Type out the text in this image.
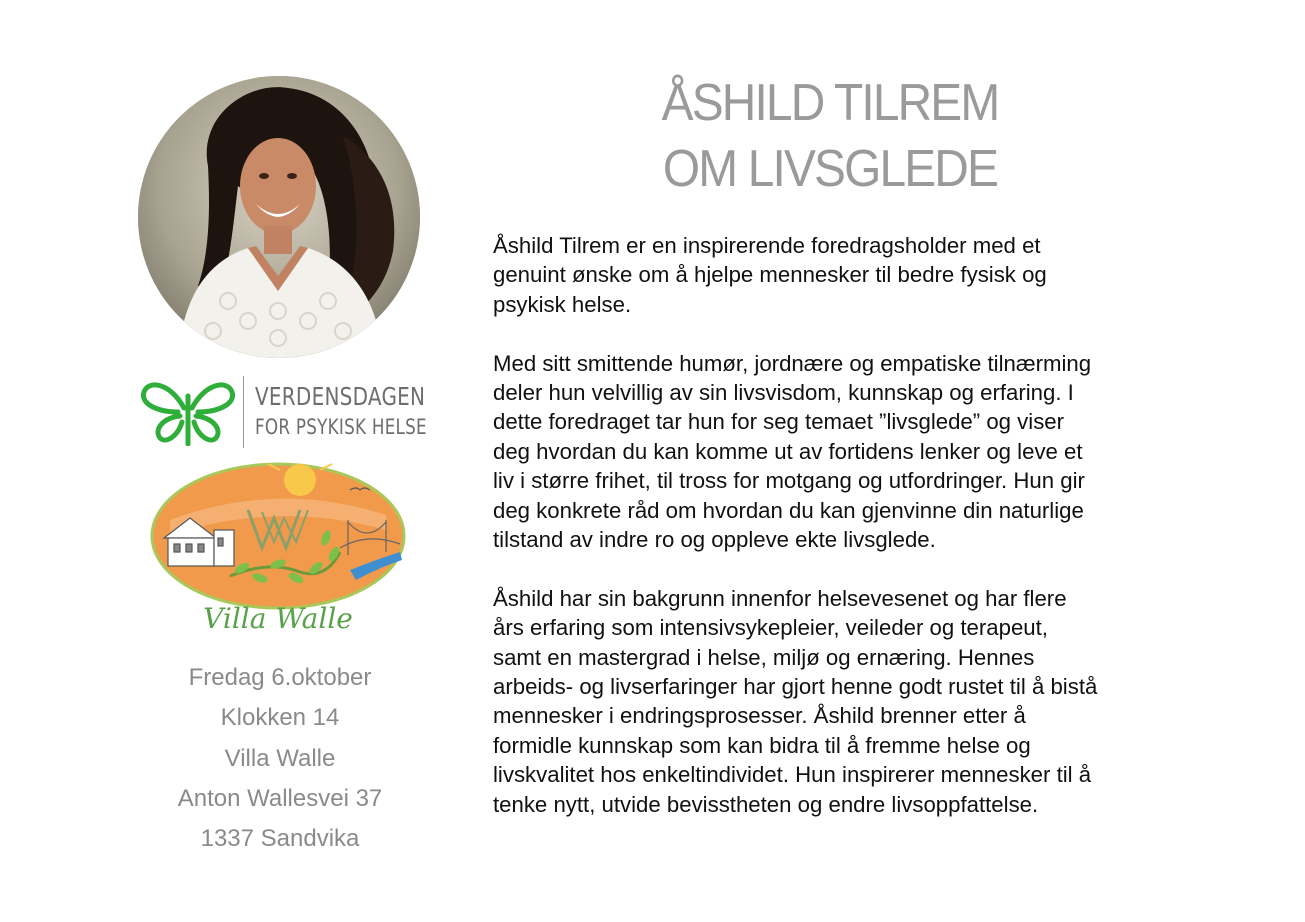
VERDENSDAGEN
FOR PSYKISK HELSE
Villa Walle
Fredag 6.oktober
Klokken 14
Villa Walle
Anton Wallesvei 37
1337 Sandvika
ÅSHILD TILREM
OM LIVSGLEDE

Åshild Tilrem er en inspirerende foredragsholder med et
genuint ønske om å hjelpe mennesker til bedre fysisk og
psykisk helse.

Med sitt smittende humør, jordnære og empatiske tilnærming
deler hun velvillig av sin livsvisdom, kunnskap og erfaring. I
dette foredraget tar hun for seg temaet ”livsglede” og viser
deg hvordan du kan komme ut av fortidens lenker og leve et
liv i større frihet, til tross for motgang og utfordringer. Hun gir
deg konkrete råd om hvordan du kan gjenvinne din naturlige
tilstand av indre ro og oppleve ekte livsglede.

Åshild har sin bakgrunn innenfor helsevesenet og har flere
års erfaring som intensivsykepleier, veileder og terapeut,
samt en mastergrad i helse, miljø og ernæring. Hennes
arbeids- og livserfaringer har gjort henne godt rustet til å bistå
mennesker i endringsprosesser. Åshild brenner etter å
formidle kunnskap som kan bidra til å fremme helse og
livskvalitet hos enkeltindividet. Hun inspirerer mennesker til å
tenke nytt, utvide bevisstheten og endre livsoppfattelse.
